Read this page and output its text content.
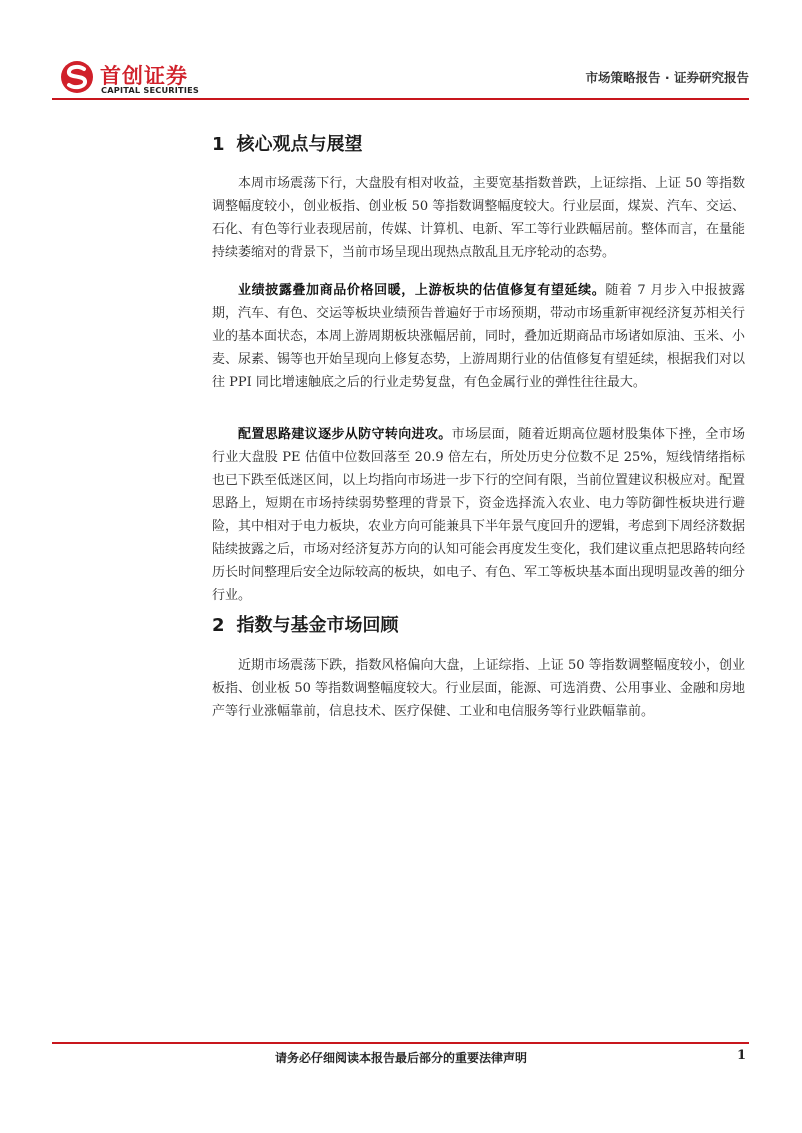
首创证券
CAPITAL SECURITIES
市场策略报告 · 证券研究报告
1 核心观点与展望

本周市场震荡下行，大盘股有相对收益，主要宽基指数普跌，上证综指、上证 50 等指数调整幅度较小，创业板指、创业板 50 等指数调整幅度较大。行业层面，煤炭、汽车、交运、石化、有色等行业表现居前，传媒、计算机、电新、军工等行业跌幅居前。整体而言，在量能持续萎缩对的背景下，当前市场呈现出现热点散乱且无序轮动的态势。

业绩披露叠加商品价格回暖，上游板块的估值修复有望延续。随着 7 月步入中报披露期，汽车、有色、交运等板块业绩预告普遍好于市场预期，带动市场重新审视经济复苏相关行业的基本面状态，本周上游周期板块涨幅居前，同时，叠加近期商品市场诸如原油、玉米、小麦、尿素、锡等也开始呈现向上修复态势，上游周期行业的估值修复有望延续，根据我们对以往 PPI 同比增速触底之后的行业走势复盘，有色金属行业的弹性往往最大。

配置思路建议逐步从防守转向进攻。市场层面，随着近期高位题材股集体下挫，全市场行业大盘股 PE 估值中位数回落至 20.9 倍左右，所处历史分位数不足 25%，短线情绪指标也已下跌至低迷区间，以上均指向市场进一步下行的空间有限，当前位置建议积极应对。配置思路上，短期在市场持续弱势整理的背景下，资金选择流入农业、电力等防御性板块进行避险，其中相对于电力板块，农业方向可能兼具下半年景气度回升的逻辑，考虑到下周经济数据陆续披露之后，市场对经济复苏方向的认知可能会再度发生变化，我们建议重点把思路转向经历长时间整理后安全边际较高的板块，如电子、有色、军工等板块基本面出现明显改善的细分行业。

2 指数与基金市场回顾

近期市场震荡下跌，指数风格偏向大盘，上证综指、上证 50 等指数调整幅度较小，创业板指、创业板 50 等指数调整幅度较大。行业层面，能源、可选消费、公用事业、金融和房地产等行业涨幅靠前，信息技术、医疗保健、工业和电信服务等行业跌幅靠前。

请务必仔细阅读本报告最后部分的重要法律声明	1
